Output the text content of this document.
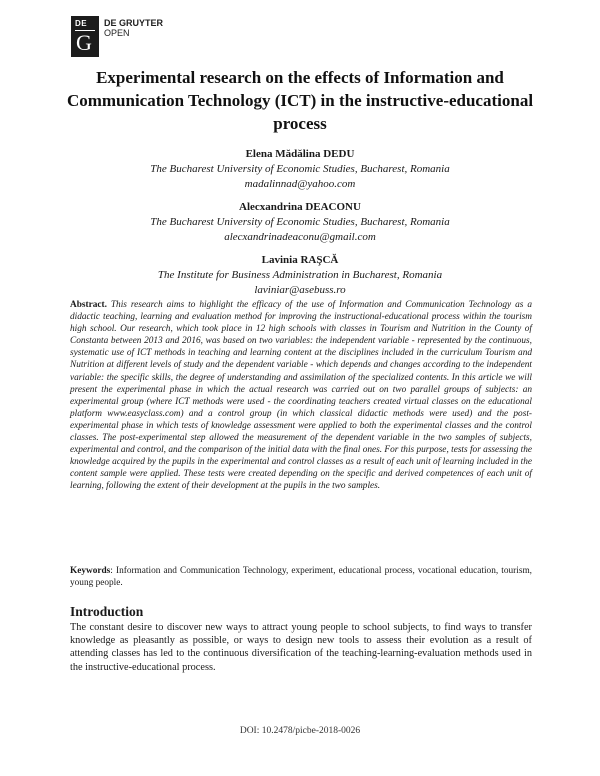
DE
G
DE GRUYTER
OPEN
Experimental research on the effects of Information and Communication Technology (ICT) in the instructive-educational process
Elena Mădălina DEDU
The Bucharest University of Economic Studies, Bucharest, Romania
madalinnad@yahoo.com
Alecxandrina DEACONU
The Bucharest University of Economic Studies, Bucharest, Romania
alecxandrinadeaconu@gmail.com
Lavinia RAŞCĂ
The Institute for Business Administration in Bucharest, Romania
laviniar@asebuss.ro
Abstract. This research aims to highlight the efficacy of the use of Information and Communication Technology as a didactic teaching, learning and evaluation method for improving the instructional-educational process within the tourism high school. Our research, which took place in 12 high schools with classes in Tourism and Nutrition in the County of Constanta between 2013 and 2016, was based on two variables: the independent variable - represented by the continuous, systematic use of ICT methods in teaching and learning content at the disciplines included in the curriculum Tourism and Nutrition at different levels of study and the dependent variable - which depends and changes according to the independent variable: the specific skills, the degree of understanding and assimilation of the specialized contents. In this article we will present the experimental phase in which the actual research was carried out on two parallel groups of subjects: an experimental group (where ICT methods were used - the coordinating teachers created virtual classes on the educational platform www.easyclass.com) and a control group (in which classical didactic methods were used) and the post-experimental phase in which tests of knowledge assessment were applied to both the experimental classes and the control classes. The post-experimental step allowed the measurement of the dependent variable in the two samples of subjects, experimental and control, and the comparison of the initial data with the final ones. For this purpose, tests for assessing the knowledge acquired by the pupils in the experimental and control classes as a result of each unit of learning included in the content sample were applied. These tests were created depending on the specific and derived competences of each unit of learning, following the extent of their development at the pupils in the two samples.
Keywords: Information and Communication Technology, experiment, educational process, vocational education, tourism, young people.
Introduction
The constant desire to discover new ways to attract young people to school subjects, to find ways to transfer knowledge as pleasantly as possible, or ways to design new tools to assess their evolution as a result of attending classes has led to the continuous diversification of the teaching-learning-evaluation methods used in the instructive-educational process.
DOI: 10.2478/picbe-2018-0026
